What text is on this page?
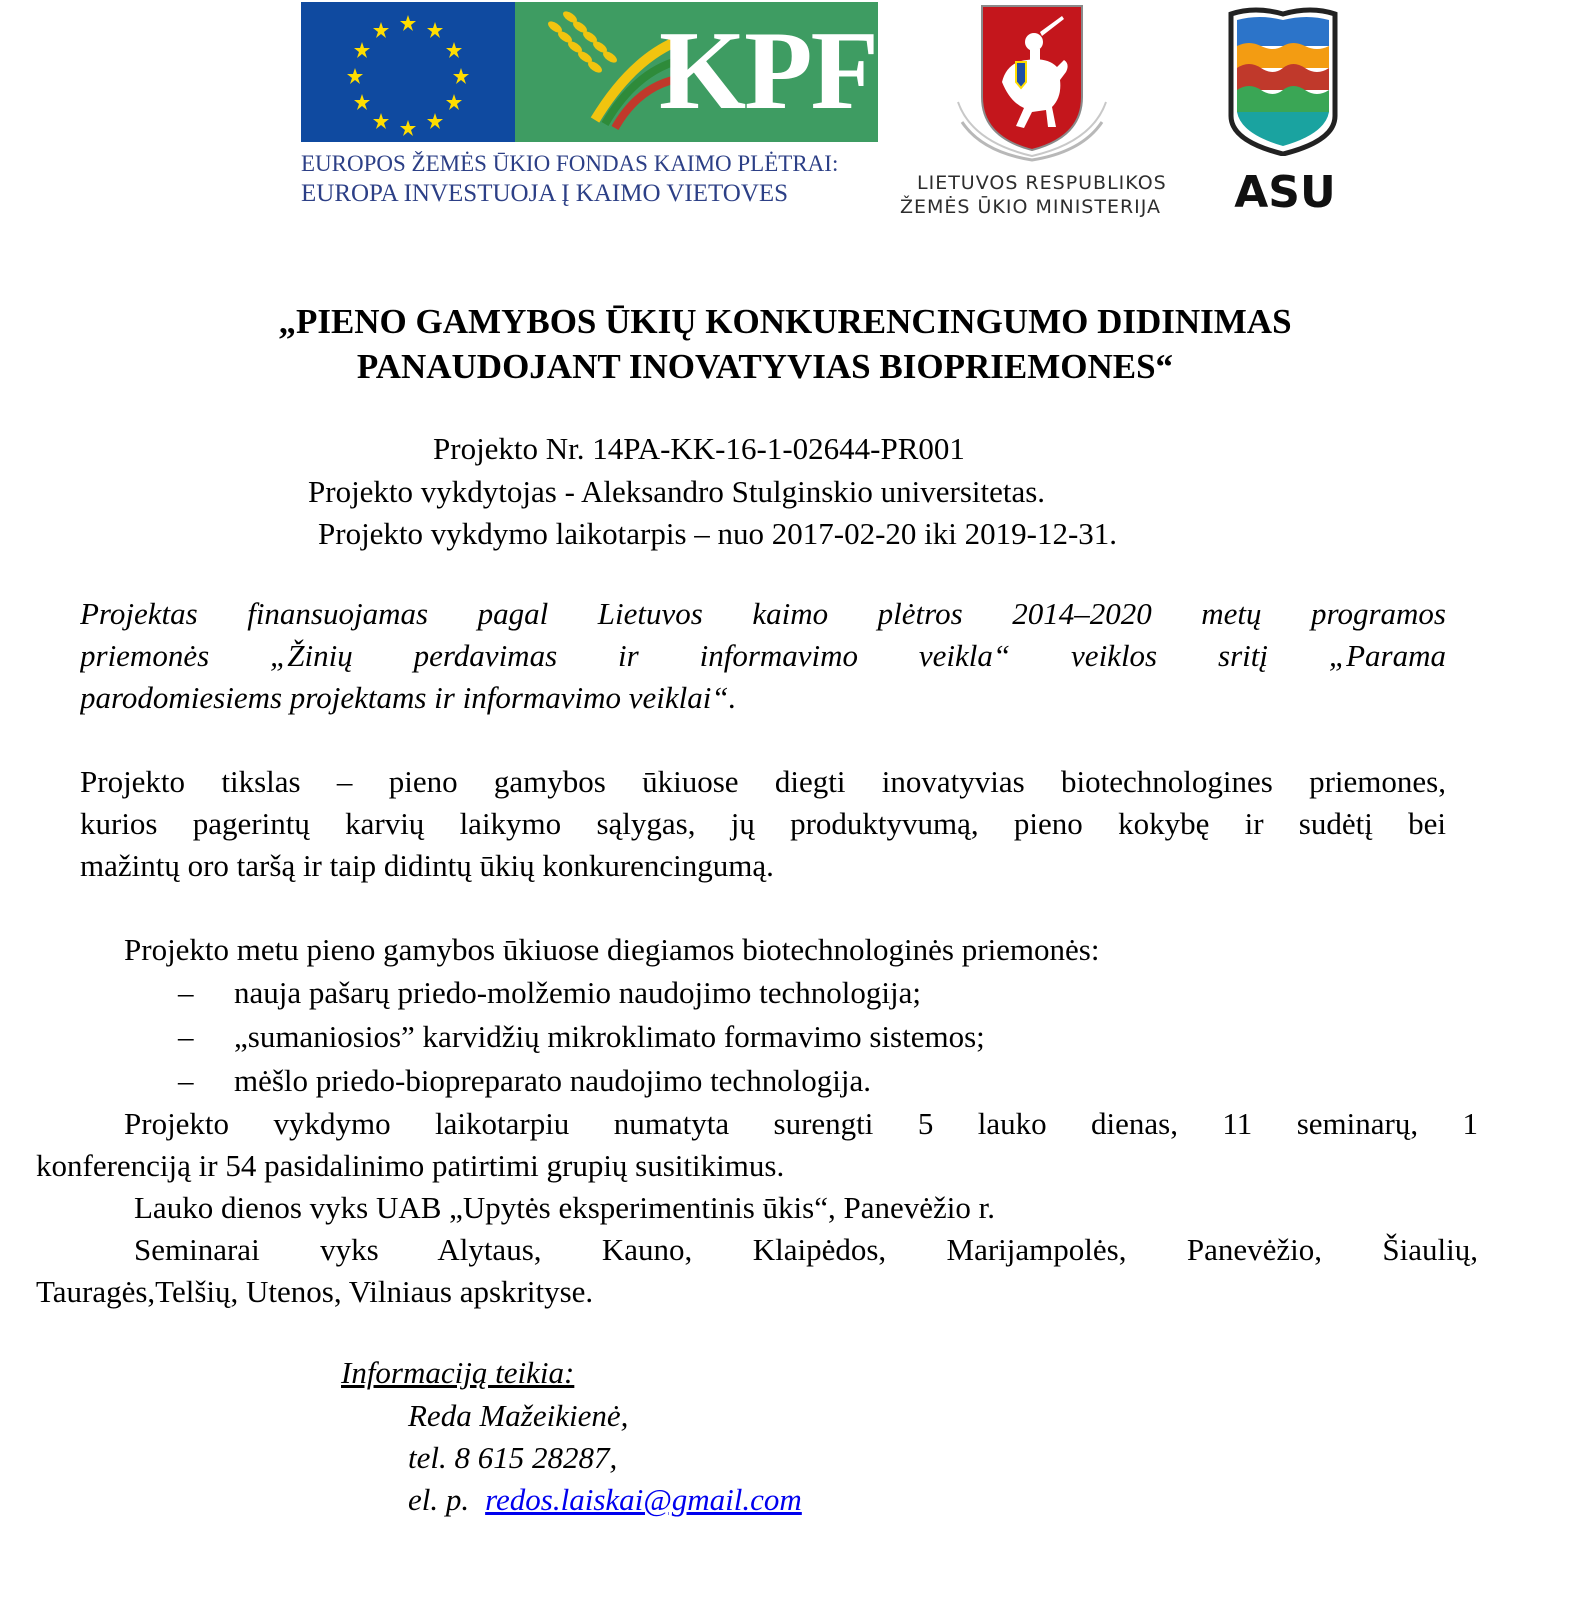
KPF
EUROPOS ŽEMĖS ŪKIO FONDAS KAIMO PLĖTRAI:
EUROPA INVESTUOJA Į KAIMO VIETOVES	LIETUVOS RESPUBLIKOS
ŽEMĖS ŪKIO MINISTERIJA	ASU
„PIENO GAMYBOS ŪKIŲ KONKURENCINGUMO DIDINIMAS
PANAUDOJANT INOVATYVIAS BIOPRIEMONES“
Projekto Nr. 14PA-KK-16-1-02644-PR001
Projekto vykdytojas - Aleksandro Stulginskio universitetas.
Projekto vykdymo laikotarpis – nuo 2017-02-20 iki 2019-12-31.
Projektas finansuojamas pagal Lietuvos kaimo plėtros 2014–2020 metų programos
priemonės „Žinių perdavimas ir informavimo veikla“ veiklos sritį „Parama
parodomiesiems projektams ir informavimo veiklai“.
Projekto tikslas – pieno gamybos ūkiuose diegti inovatyvias biotechnologines priemones,
kurios pagerintų karvių laikymo sąlygas, jų produktyvumą, pieno kokybę ir sudėtį bei
mažintų oro taršą ir taip didintų ūkių konkurencingumą.
Projekto metu pieno gamybos ūkiuose diegiamos biotechnologinės priemonės:
– nauja pašarų priedo-molžemio naudojimo technologija;
– „sumaniosios” karvidžių mikroklimato formavimo sistemos;
– mėšlo priedo-biopreparato naudojimo technologija.
Projekto vykdymo laikotarpiu numatyta surengti 5 lauko dienas, 11 seminarų, 1
konferenciją ir 54 pasidalinimo patirtimi grupių susitikimus.
Lauko dienos vyks UAB „Upytės eksperimentinis ūkis“, Panevėžio r.
Seminarai vyks Alytaus, Kauno, Klaipėdos, Marijampolės, Panevėžio, Šiaulių,
Tauragės,Telšių, Utenos, Vilniaus apskrityse.
Informaciją teikia:
Reda Mažeikienė,
tel. 8 615 28287,
el. p. redos.laiskai@gmail.com
